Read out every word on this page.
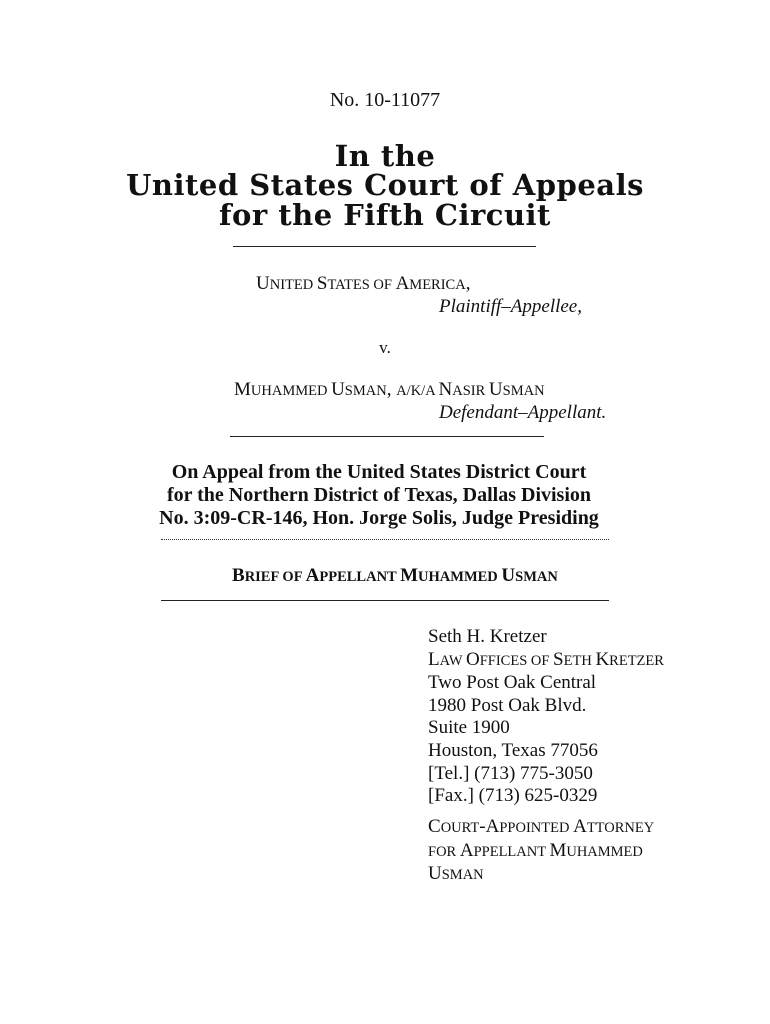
No. 10-11077
In the
United States Court of Appeals
for the Fifth Circuit
UNITED STATES OF AMERICA,
Plaintiff–Appellee,
v.
MUHAMMED USMAN, A/K/A NASIR USMAN
Defendant–Appellant.
On Appeal from the United States District Court
for the Northern District of Texas, Dallas Division
No. 3:09-CR-146, Hon. Jorge Solis, Judge Presiding
BRIEF OF APPELLANT MUHAMMED USMAN
Seth H. Kretzer
LAW OFFICES OF SETH KRETZER
Two Post Oak Central
1980 Post Oak Blvd.
Suite 1900
Houston, Texas 77056
[Tel.] (713) 775-3050
[Fax.] (713) 625-0329
COURT-APPOINTED ATTORNEY
FOR APPELLANT MUHAMMED
USMAN
